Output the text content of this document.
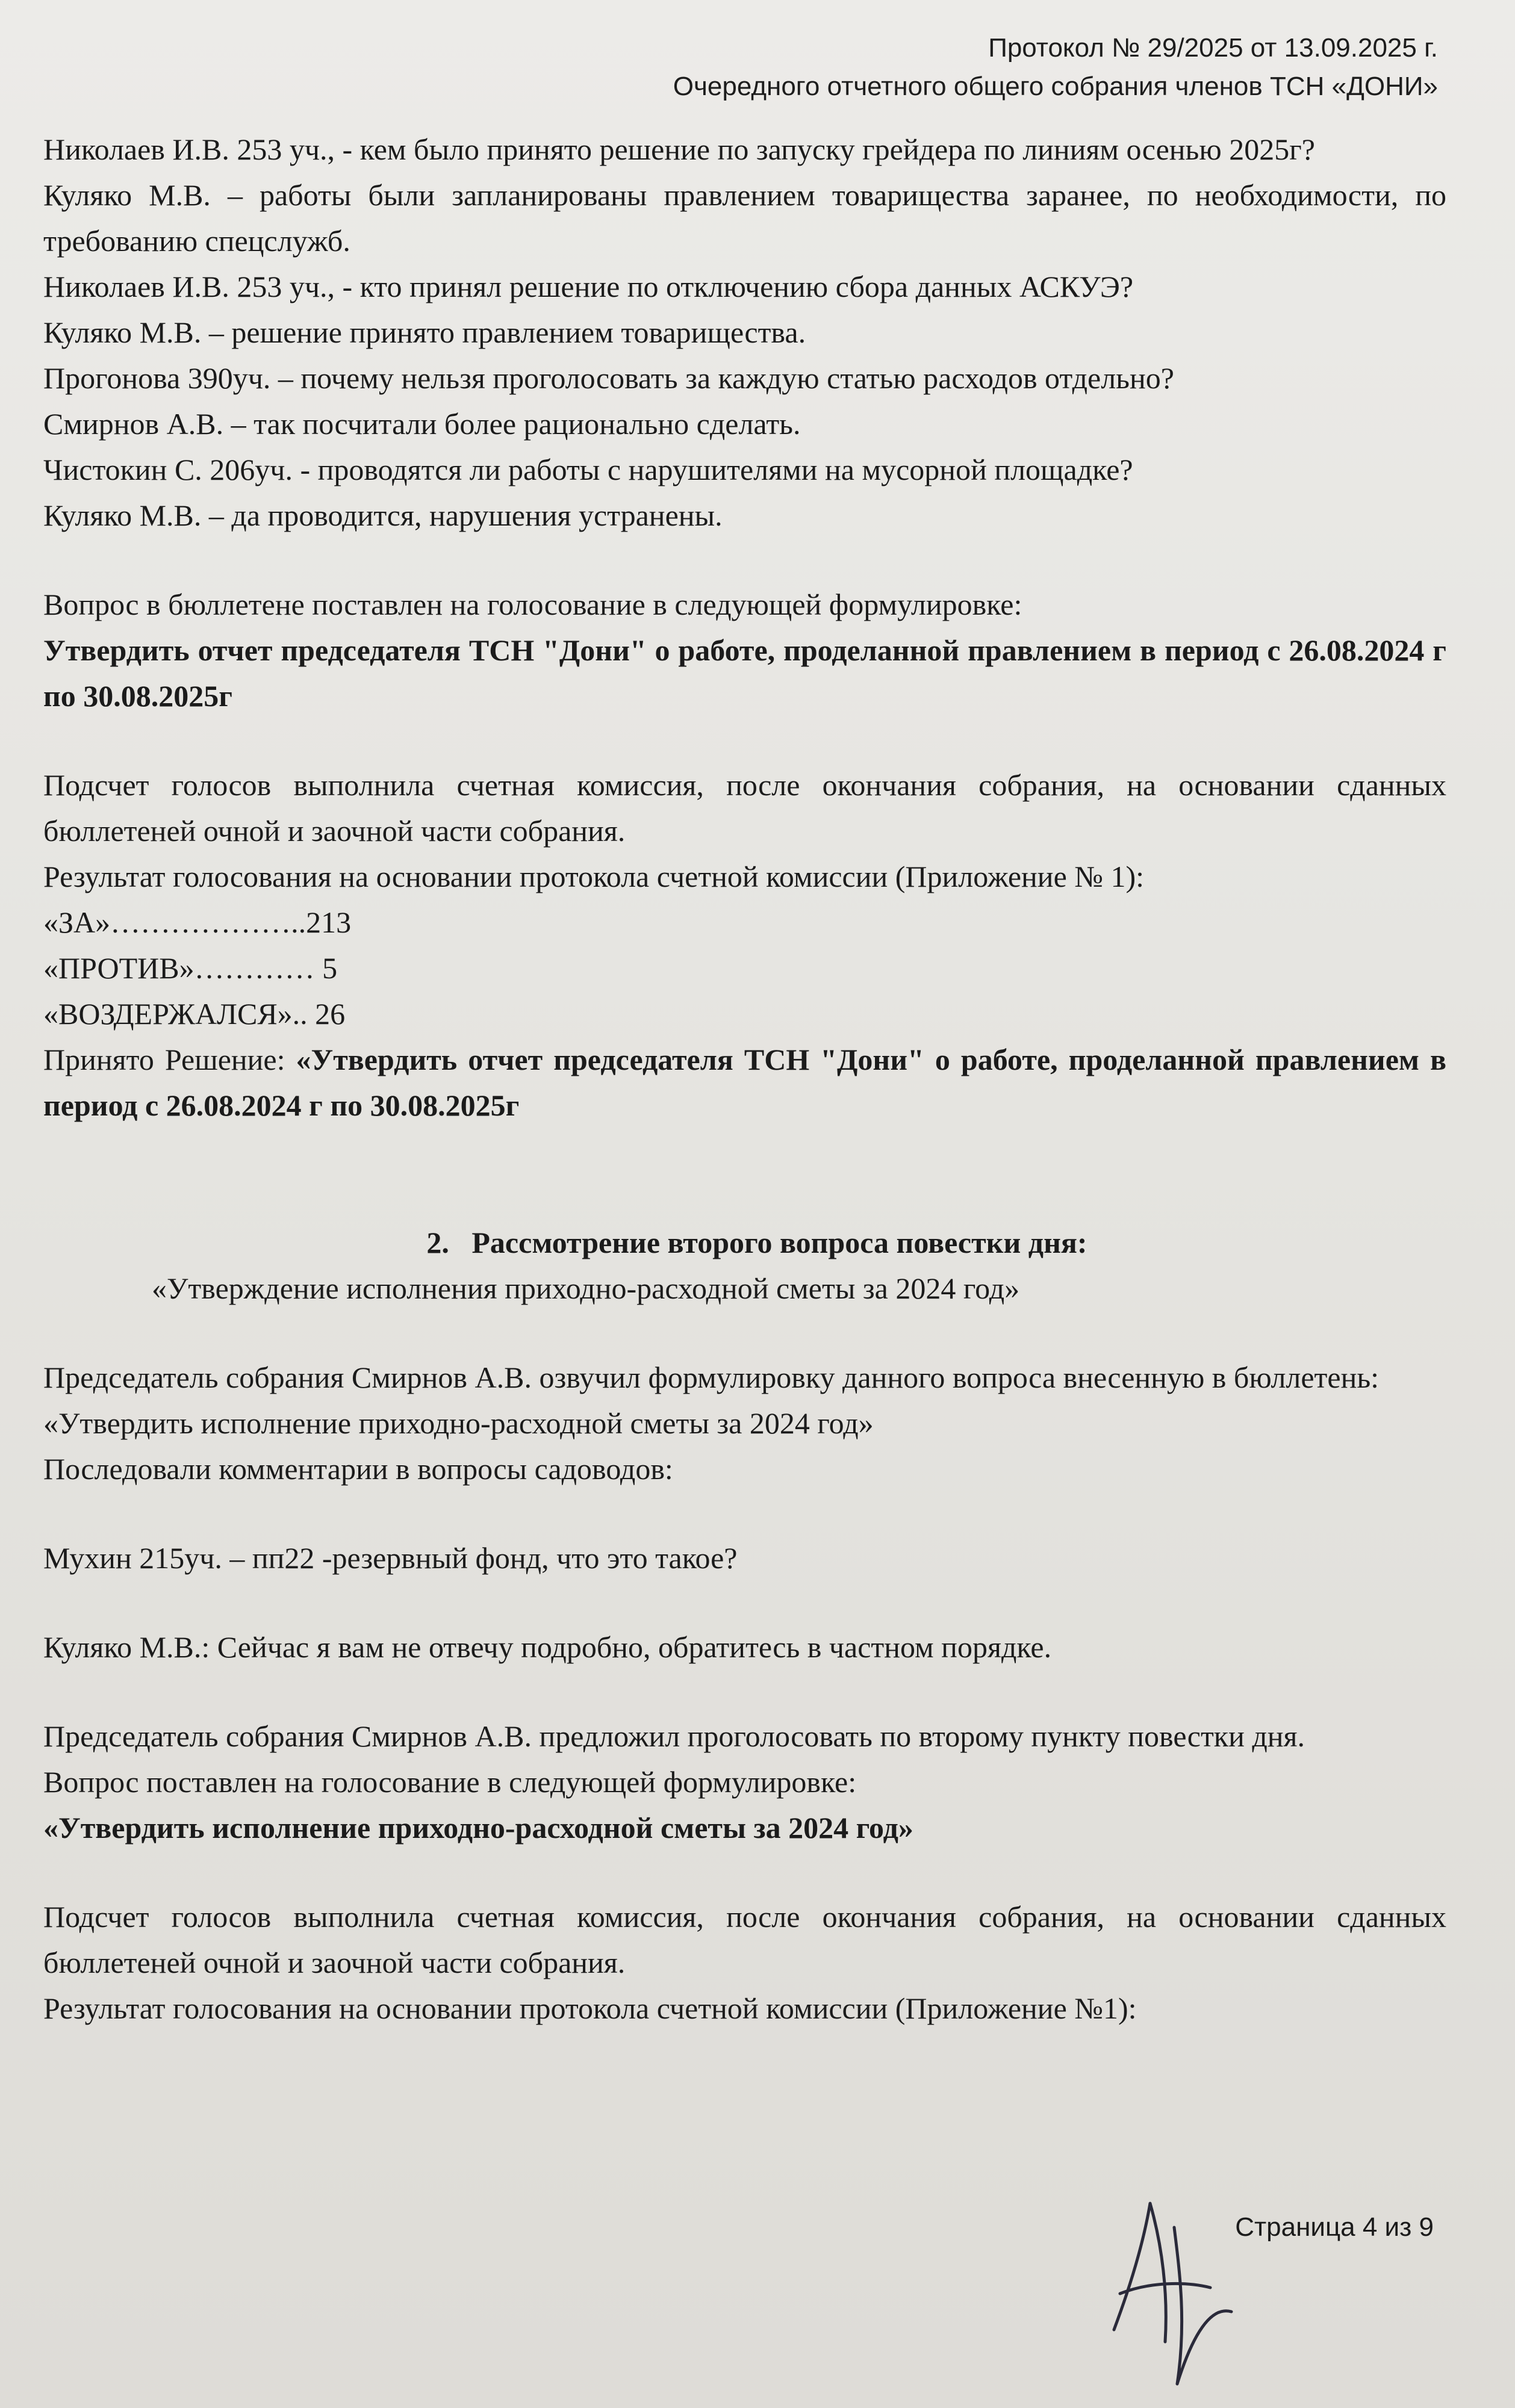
Протокол № 29/2025 от 13.09.2025 г.
Очередного отчетного общего собрания членов ТСН «ДОНИ»

Николаев И.В. 253 уч., - кем было принято решение по запуску грейдера по линиям осенью 2025г?

Куляко М.В. – работы были запланированы правлением товарищества заранее, по необходимости, по требованию спецслужб.

Николаев И.В. 253 уч., - кто принял решение по отключению сбора данных АСКУЭ?

Куляко М.В. – решение принято правлением товарищества.

Прогонова 390уч. – почему нельзя проголосовать за каждую статью расходов отдельно?

Смирнов А.В. – так посчитали более рационально сделать.

Чистокин С. 206уч. - проводятся ли работы с нарушителями на мусорной площадке?

Куляко М.В. – да проводится, нарушения устранены.

Вопрос в бюллетене поставлен на голосование в следующей формулировке:

Утвердить отчет председателя ТСН "Дони" о работе, проделанной правлением в период с 26.08.2024 г по 30.08.2025г

Подсчет голосов выполнила счетная комиссия, после окончания собрания, на основании сданных бюллетеней очной и заочной части собрания.

Результат голосования на основании протокола счетной комиссии (Приложение № 1):

«ЗА»………………..213

«ПРОТИВ»………… 5

«ВОЗДЕРЖАЛСЯ».. 26

Принято Решение: «Утвердить отчет председателя ТСН "Дони" о работе, проделанной правлением в период с 26.08.2024 г по 30.08.2025г

2. Рассмотрение второго вопроса повестки дня:

«Утверждение исполнения приходно-расходной сметы за 2024 год»

Председатель собрания Смирнов А.В. озвучил формулировку данного вопроса внесенную в бюллетень:

«Утвердить исполнение приходно-расходной сметы за 2024 год»

Последовали комментарии в вопросы садоводов:

Мухин 215уч. – пп22 -резервный фонд, что это такое?

Куляко М.В.: Сейчас я вам не отвечу подробно, обратитесь в частном порядке.

Председатель собрания Смирнов А.В. предложил проголосовать по второму пункту повестки дня.

Вопрос поставлен на голосование в следующей формулировке:

«Утвердить исполнение приходно-расходной сметы за 2024 год»

Подсчет голосов выполнила счетная комиссия, после окончания собрания, на основании сданных бюллетеней очной и заочной части собрания.

Результат голосования на основании протокола счетной комиссии (Приложение №1):

Страница 4 из 9
